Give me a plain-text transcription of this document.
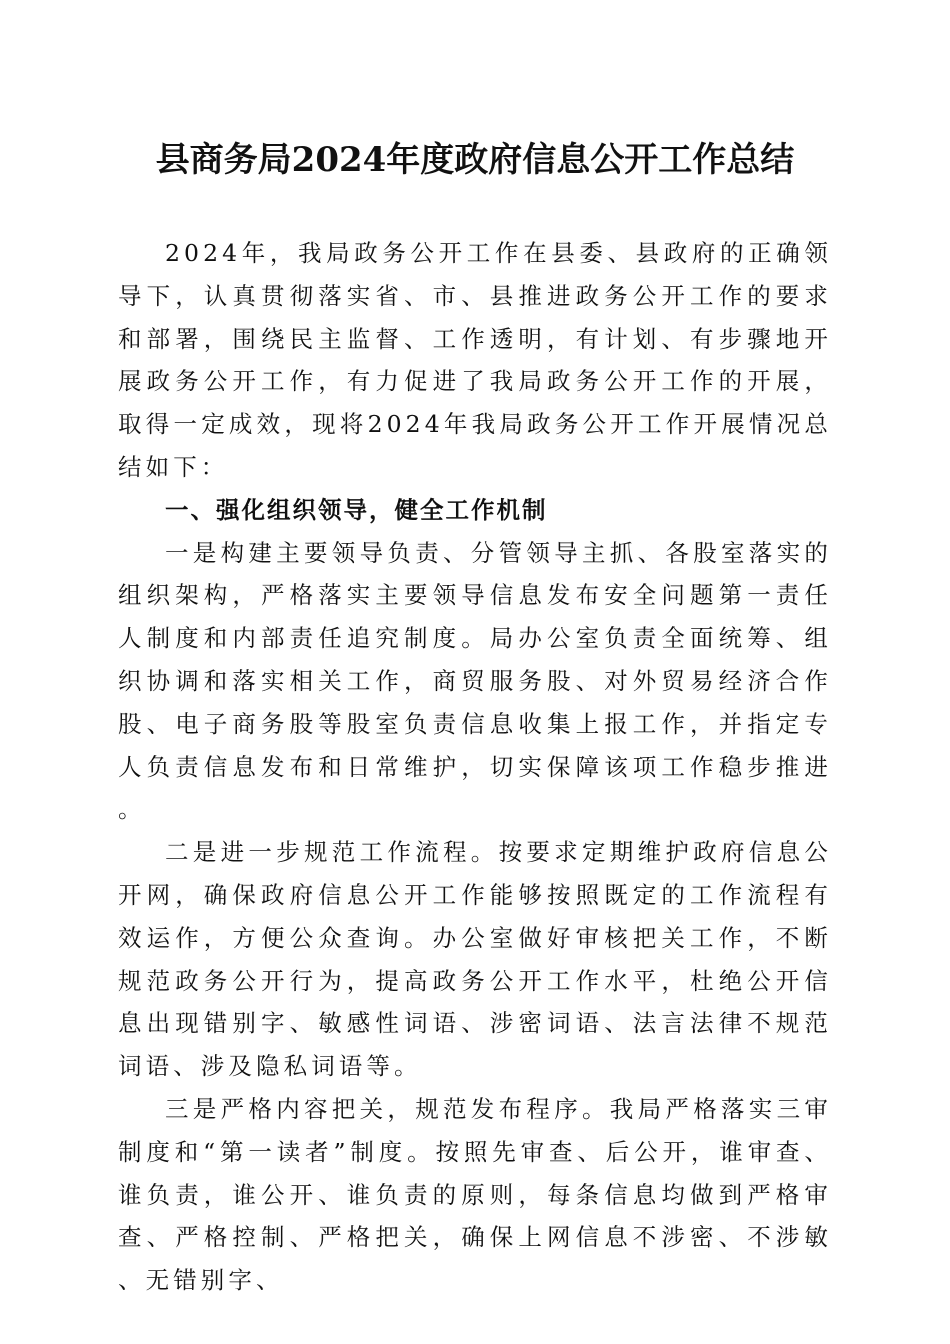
县商务局2024年度政府信息公开工作总结

2024年，我局政务公开工作在县委、县政府的正确领导下，认真贯彻落实省、市、县推进政务公开工作的要求和部署，围绕民主监督、工作透明，有计划、有步骤地开展政务公开工作，有力促进了我局政务公开工作的开展，取得一定成效，现将2024年我局政务公开工作开展情况总结如下：

一、强化组织领导，健全工作机制

一是构建主要领导负责、分管领导主抓、各股室落实的组织架构，严格落实主要领导信息发布安全问题第一责任人制度和内部责任追究制度。局办公室负责全面统筹、组织协调和落实相关工作，商贸服务股、对外贸易经济合作股、电子商务股等股室负责信息收集上报工作，并指定专人负责信息发布和日常维护，切实保障该项工作稳步推进。

二是进一步规范工作流程。按要求定期维护政府信息公开网，确保政府信息公开工作能够按照既定的工作流程有效运作，方便公众查询。办公室做好审核把关工作，不断规范政务公开行为，提高政务公开工作水平，杜绝公开信息出现错别字、敏感性词语、涉密词语、法言法律不规范词语、涉及隐私词语等。

三是严格内容把关，规范发布程序。我局严格落实三审制度和“第一读者”制度。按照先审查、后公开，谁审查、谁负责，谁公开、谁负责的原则，每条信息均做到严格审查、严格控制、严格把关，确保上网信息不涉密、不涉敏、无错别字、
